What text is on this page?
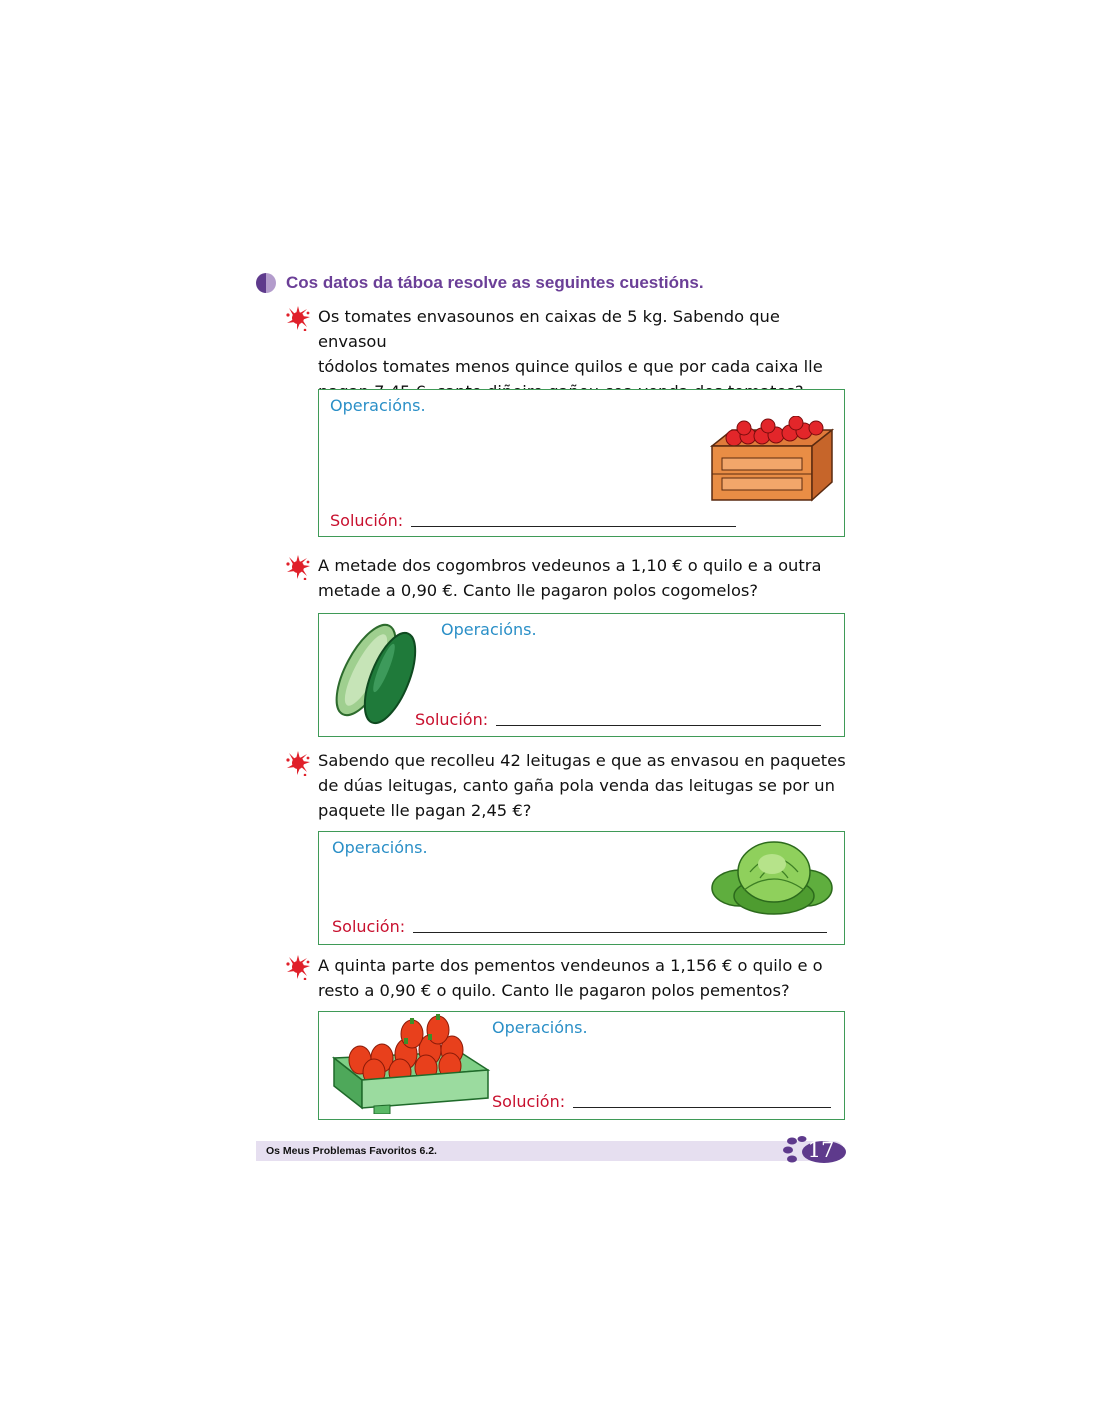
Cos datos da táboa resolve as seguintes cuestións.
Os tomates envasounos en caixas de 5 kg. Sabendo que envasou
tódolos tomates menos quince quilos e que por cada caixa lle
Operacións.
Solución:
A metade dos cogombros vedeunos a 1,10 € o quilo e a outra
metade a 0,90 €. Canto lle pagaron polos cogomelos?
Operacións.
Solución:
Sabendo que recolleu 42 leitugas e que as envasou en paquetes
de dúas leitugas, canto gaña pola venda das leitugas se por un
paquete lle pagan 2,45 €?
Operacións.
Solución:
A quinta parte dos pementos vendeunos a 1,156 € o quilo e o
resto a 0,90 € o quilo. Canto lle pagaron polos pementos?
Operacións.
Solución:
Os Meus Problemas Favoritos 6.2.	17
